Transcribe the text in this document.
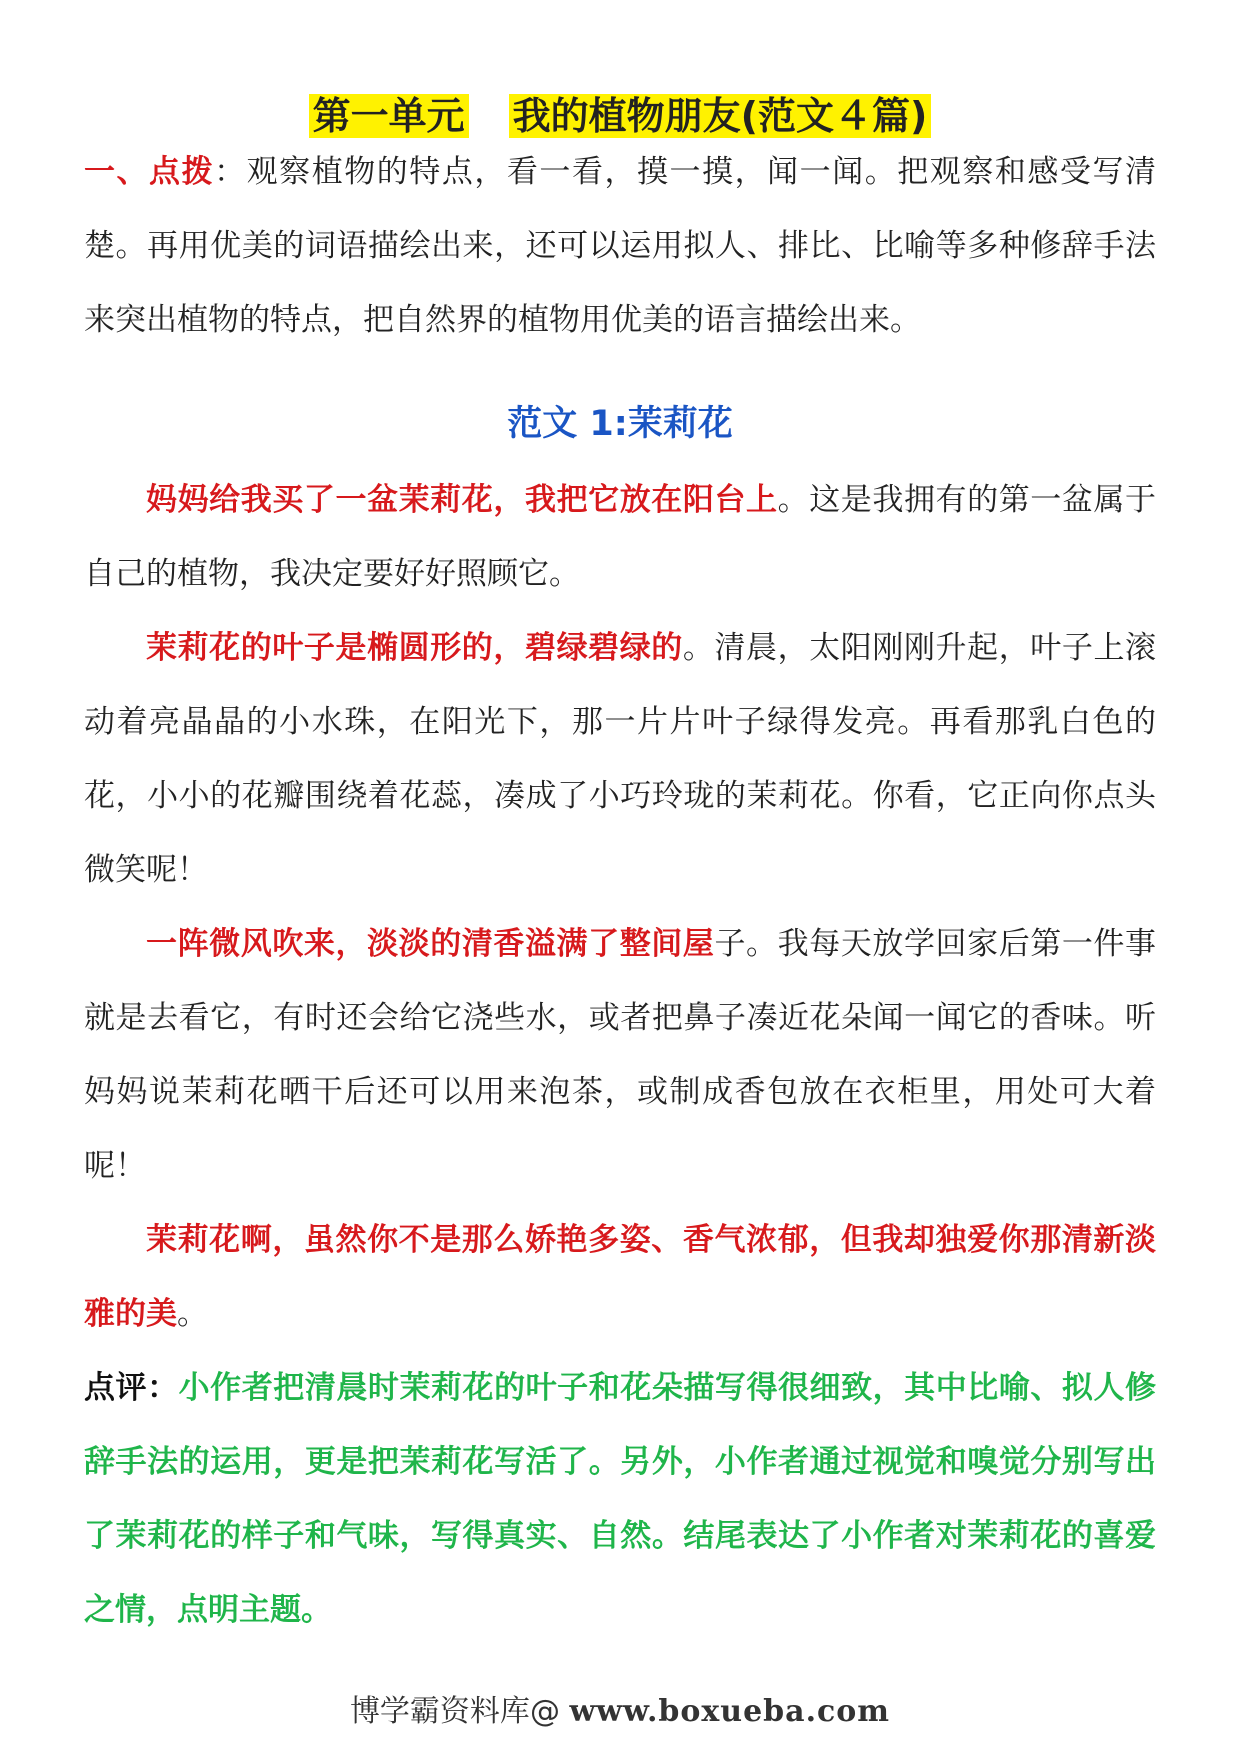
第一单元 我的植物朋友(范文４篇)

一、点拨：观察植物的特点，看一看，摸一摸，闻一闻。把观察和感受写清楚。再用优美的词语描绘出来，还可以运用拟人、排比、比喻等多种修辞手法来突出植物的特点，把自然界的植物用优美的语言描绘出来。

范文 1:茉莉花

妈妈给我买了一盆茉莉花，我把它放在阳台上。这是我拥有的第一盆属于自己的植物，我决定要好好照顾它。

茉莉花的叶子是椭圆形的，碧绿碧绿的。清晨，太阳刚刚升起，叶子上滚动着亮晶晶的小水珠，在阳光下，那一片片叶子绿得发亮。再看那乳白色的花，小小的花瓣围绕着花蕊，凑成了小巧玲珑的茉莉花。你看，它正向你点头微笑呢！

一阵微风吹来，淡淡的清香溢满了整间屋子。我每天放学回家后第一件事就是去看它，有时还会给它浇些水，或者把鼻子凑近花朵闻一闻它的香味。听妈妈说茉莉花晒干后还可以用来泡茶，或制成香包放在衣柜里，用处可大着呢！

茉莉花啊，虽然你不是那么娇艳多姿、香气浓郁，但我却独爱你那清新淡雅的美。

点评：小作者把清晨时茉莉花的叶子和花朵描写得很细致，其中比喻、拟人修辞手法的运用，更是把茉莉花写活了。另外，小作者通过视觉和嗅觉分别写出了茉莉花的样子和气味，写得真实、自然。结尾表达了小作者对茉莉花的喜爱之情，点明主题。

博学霸资料库@ www.boxueba.com
